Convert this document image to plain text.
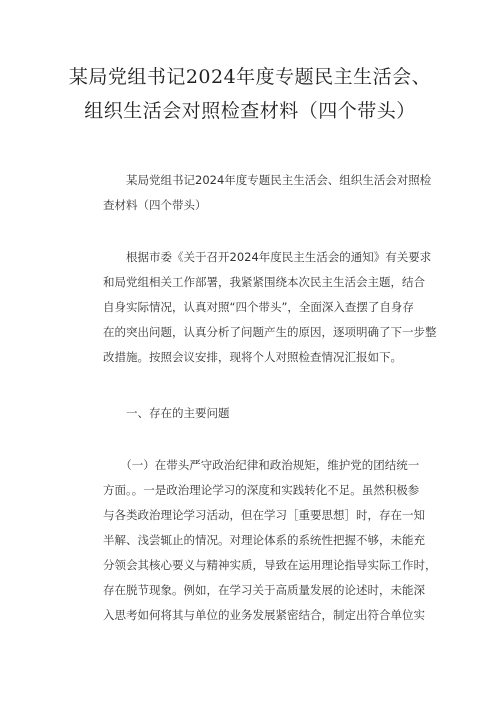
某局党组书记2024年度专题民主生活会、
组织生活会对照检查材料（四个带头）
　　某局党组书记2024年度专题民主生活会、组织生活会对照检
查材料（四个带头）
　　根据市委《关于召开2024年度民主生活会的通知》有关要求
和局党组相关工作部署，我紧紧围绕本次民主生活会主题，结合
自身实际情况，认真对照“四个带头”，全面深入查摆了自身存
在的突出问题，认真分析了问题产生的原因，逐项明确了下一步整
改措施。按照会议安排，现将个人对照检查情况汇报如下。
　　一、存在的主要问题
　　（一）在带头严守政治纪律和政治规矩，维护党的团结统一
方面。。一是政治理论学习的深度和实践转化不足。虽然积极参
与各类政治理论学习活动，但在学习［重要思想］时，存在一知
半解、浅尝辄止的情况。对理论体系的系统性把握不够，未能充
分领会其核心要义与精神实质，导致在运用理论指导实际工作时，
存在脱节现象。例如，在学习关于高质量发展的论述时，未能深
入思考如何将其与单位的业务发展紧密结合，制定出符合单位实
